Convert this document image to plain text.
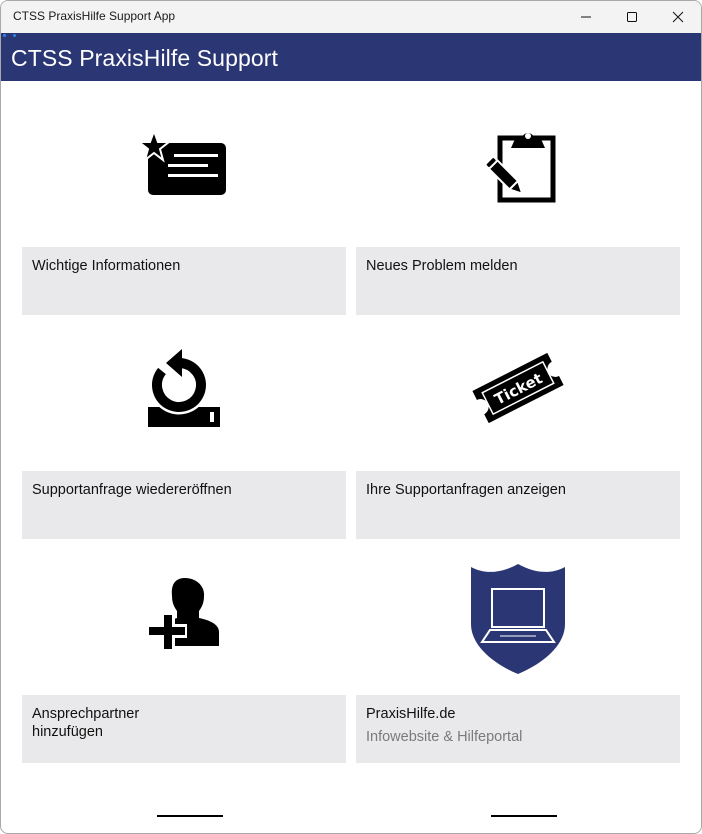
CTSS PraxisHilfe Support App
CTSS PraxisHilfe Support
Wichtige Informationen	Neues Problem melden
Supportanfrage wiedereröffnen
Ticket
Ihre Supportanfragen anzeigen
Ansprechpartner
hinzufügen
PraxisHilfe.de
Infowebsite & Hilfeportal
